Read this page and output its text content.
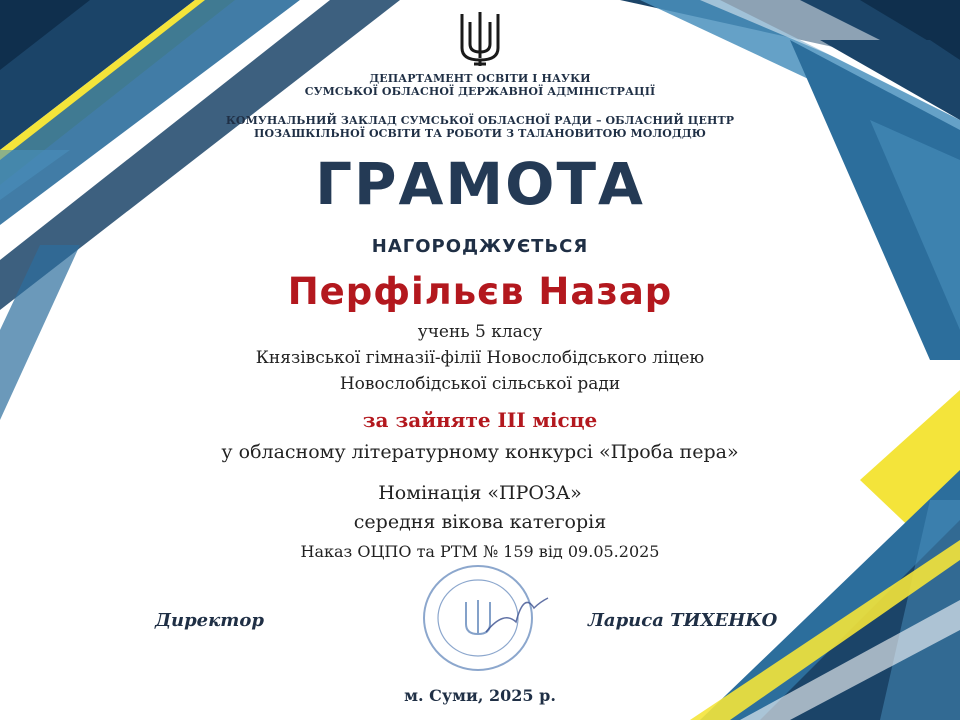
ДЕПАРТАМЕНТ ОСВІТИ І НАУКИ

СУМСЬКОЇ ОБЛАСНОЇ ДЕРЖАВНОЇ АДМІНІСТРАЦІЇ

КОМУНАЛЬНИЙ ЗАКЛАД СУМСЬКОЇ ОБЛАСНОЇ РАДИ – ОБЛАСНИЙ ЦЕНТР

ПОЗАШКІЛЬНОЇ ОСВІТИ ТА РОБОТИ З ТАЛАНОВИТОЮ МОЛОДДЮ

ГРАМОТА

НАГОРОДЖУЄТЬСЯ

Перфільєв Назар

учень 5 класу

Князівської гімназії-філії Новослобідського ліцею

Новослобідської сільської ради

за зайняте ІІІ місце

у обласному літературному конкурсі «Проба пера»

Номінація «ПРОЗА»

середня вікова категорія

Наказ ОЦПО та РТМ № 159 від 09.05.2025

Директор	Лариса ТИХЕНКО

м. Суми, 2025 р.
